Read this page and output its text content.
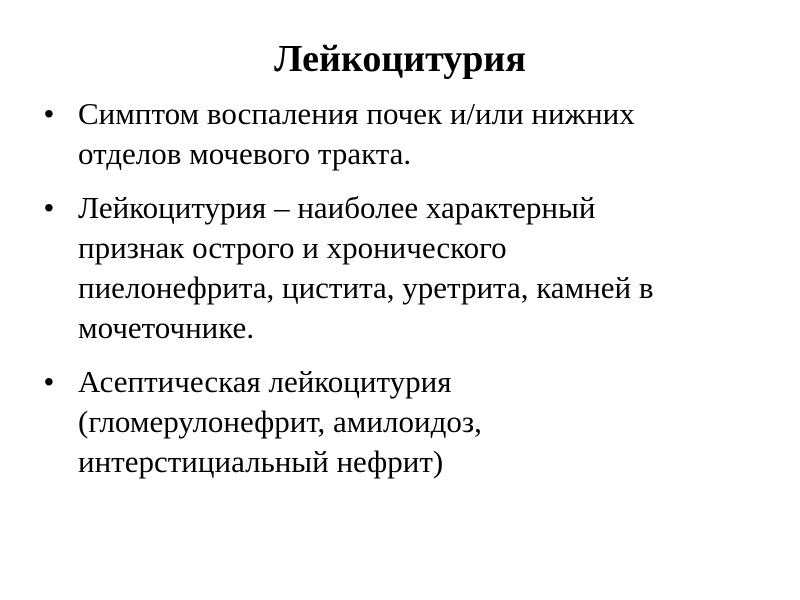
Лейкоцитурия
• Симптом воспаления почек и/или нижних
отделов мочевого тракта.
• Лейкоцитурия – наиболее характерный
признак острого и хронического
пиелонефрита, цистита, уретрита, камней в
мочеточнике.
• Асептическая лейкоцитурия
(гломерулонефрит, амилоидоз,
интерстициальный нефрит)
